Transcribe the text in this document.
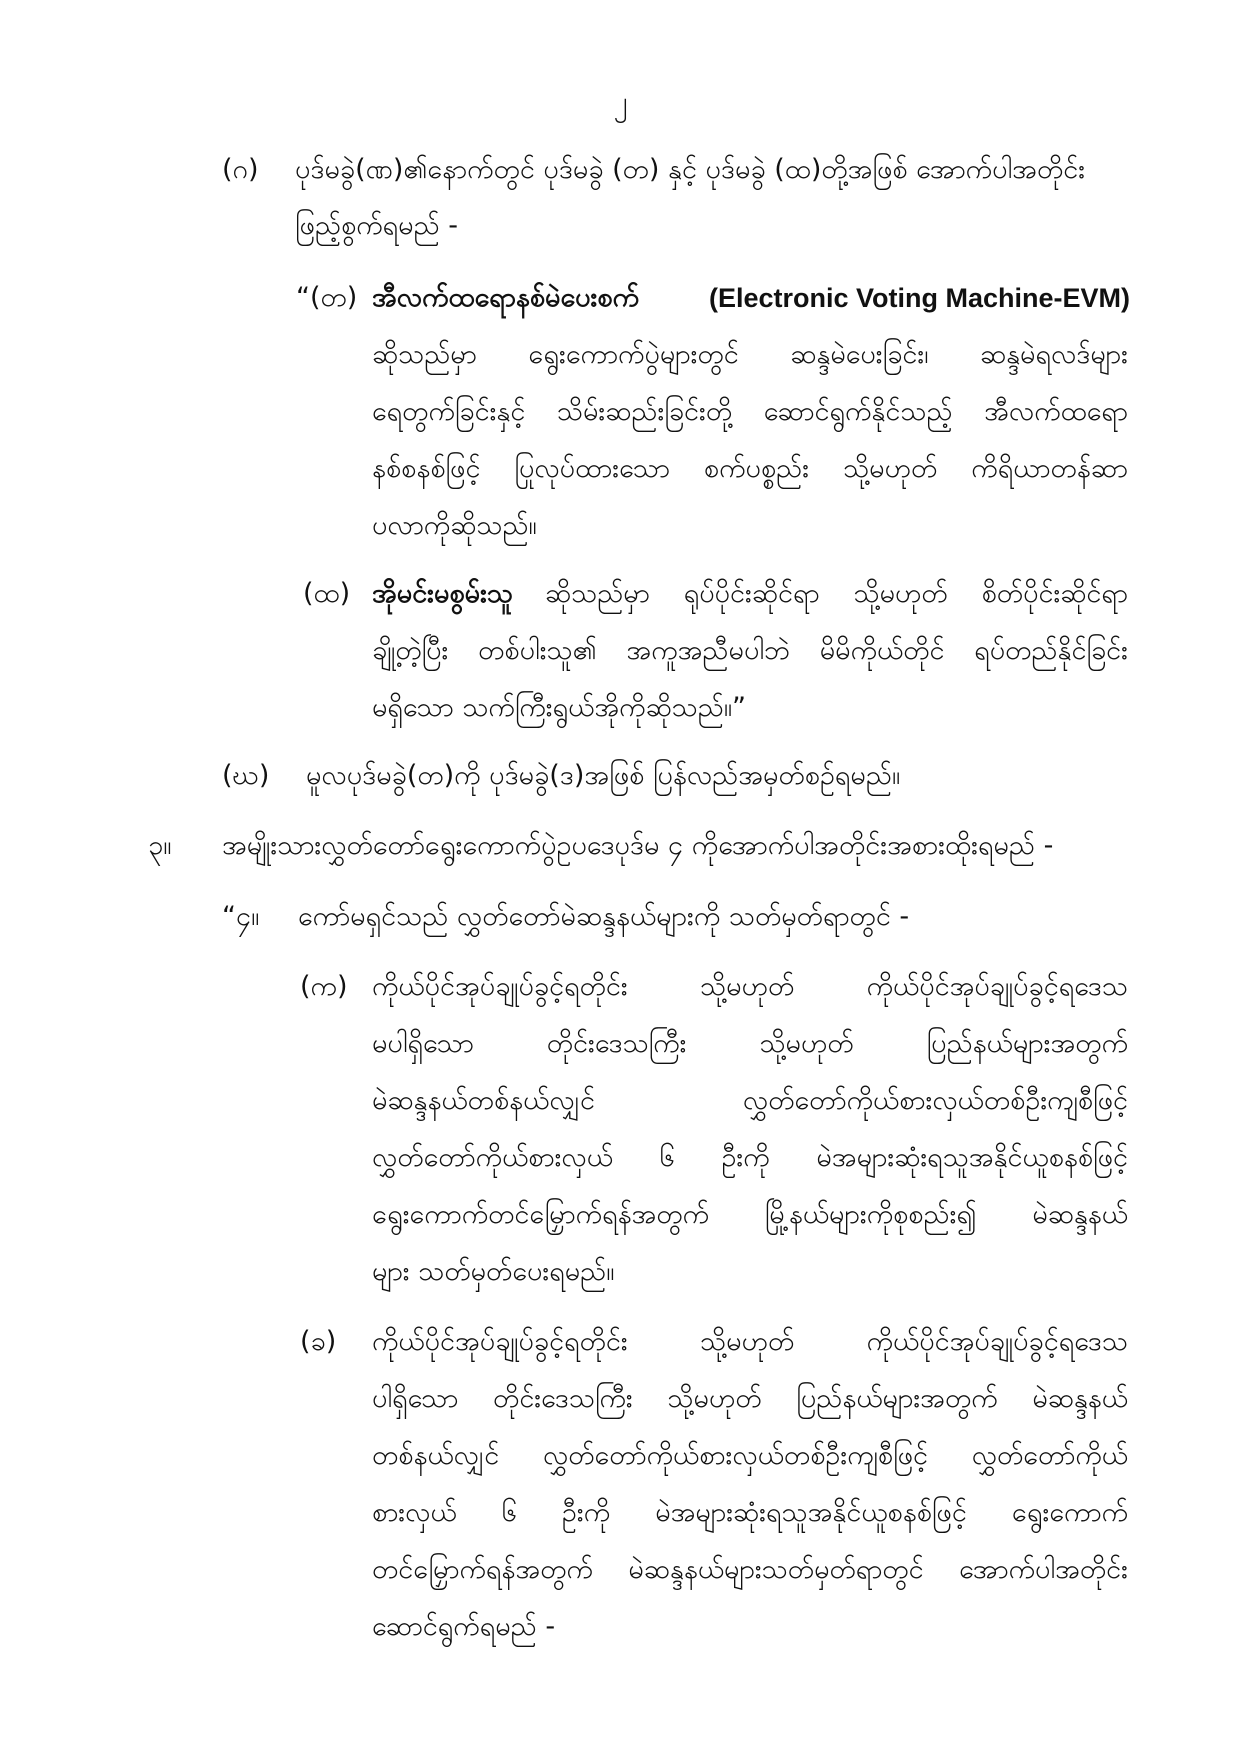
၂
(ဂ) ပုဒ်မခွဲ(ဏ)၏နောက်တွင် ပုဒ်မခွဲ (တ) နှင့် ပုဒ်မခွဲ (ထ)တို့အဖြစ် အောက်ပါအတိုင်း
ဖြည့်စွက်ရမည် -
“(တ) အီလက်ထရောနစ်မဲပေးစက်	(Electronic Voting Machine-EVM)
ဆိုသည်မှာ ရွေးကောက်ပွဲများတွင် ဆန္ဒမဲပေးခြင်း၊ ဆန္ဒမဲရလဒ်များ
ရေတွက်ခြင်းနှင့် သိမ်းဆည်းခြင်းတို့ ဆောင်ရွက်နိုင်သည့် အီလက်ထရော
နစ်စနစ်ဖြင့် ပြုလုပ်ထားသော စက်ပစ္စည်း သို့မဟုတ် ကိရိယာတန်ဆာ
ပလာကိုဆိုသည်။
(ထ) အိုမင်းမစွမ်းသူ ဆိုသည်မှာ ရုပ်ပိုင်းဆိုင်ရာ သို့မဟုတ် စိတ်ပိုင်းဆိုင်ရာ
ချို့တဲ့ပြီး တစ်ပါးသူ၏ အကူအညီမပါဘဲ မိမိကိုယ်တိုင် ရပ်တည်နိုင်ခြင်း
မရှိသော သက်ကြီးရွယ်အိုကိုဆိုသည်။”
(ဃ) မူလပုဒ်မခွဲ(တ)ကို ပုဒ်မခွဲ(ဒ)အဖြစ် ပြန်လည်အမှတ်စဉ်ရမည်။
၃။ အမျိုးသားလွှတ်တော်ရွေးကောက်ပွဲဥပဒေပုဒ်မ ၄ ကိုအောက်ပါအတိုင်းအစားထိုးရမည် -
“၄။ ကော်မရှင်သည် လွှတ်တော်မဲဆန္ဒနယ်များကို သတ်မှတ်ရာတွင် -
(က) ကိုယ်ပိုင်အုပ်ချုပ်ခွင့်ရတိုင်း သို့မဟုတ် ကိုယ်ပိုင်အုပ်ချုပ်ခွင့်ရဒေသ
မပါရှိသော တိုင်းဒေသကြီး သို့မဟုတ် ပြည်နယ်များအတွက်
မဲဆန္ဒနယ်တစ်နယ်လျှင် လွှတ်တော်ကိုယ်စားလှယ်တစ်ဦးကျစီဖြင့်
လွှတ်တော်ကိုယ်စားလှယ် ၆ ဦးကို မဲအများဆုံးရသူအနိုင်ယူစနစ်ဖြင့်
ရွေးကောက်တင်မြှောက်ရန်အတွက် မြို့နယ်များကိုစုစည်း၍ မဲဆန္ဒနယ်
များ သတ်မှတ်ပေးရမည်။
(ခ) ကိုယ်ပိုင်အုပ်ချုပ်ခွင့်ရတိုင်း သို့မဟုတ် ကိုယ်ပိုင်အုပ်ချုပ်ခွင့်ရဒေသ
ပါရှိသော တိုင်းဒေသကြီး သို့မဟုတ် ပြည်နယ်များအတွက် မဲဆန္ဒနယ်
တစ်နယ်လျှင် လွှတ်တော်ကိုယ်စားလှယ်တစ်ဦးကျစီဖြင့် လွှတ်တော်ကိုယ်
စားလှယ် ၆ ဦးကို မဲအများဆုံးရသူအနိုင်ယူစနစ်ဖြင့် ရွေးကောက်
တင်မြှောက်ရန်အတွက် မဲဆန္ဒနယ်များသတ်မှတ်ရာတွင် အောက်ပါအတိုင်း
ဆောင်ရွက်ရမည် -
